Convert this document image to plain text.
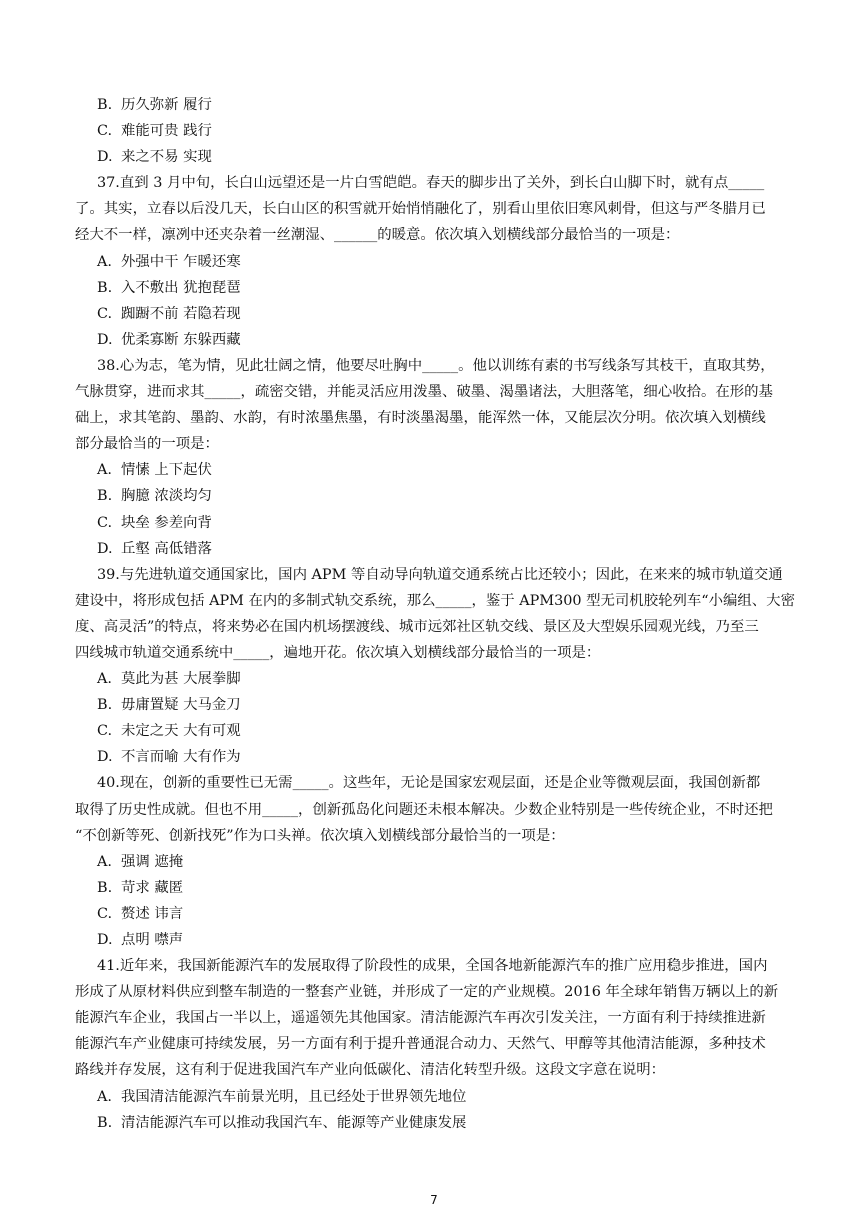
B. 历久弥新 履行
C. 难能可贵 践行
D. 来之不易 实现
37.直到 3 月中旬，长白山远望还是一片白雪皑皑。春天的脚步出了关外，到长白山脚下时，就有点_____
了。其实，立春以后没几天，长白山区的积雪就开始悄悄融化了，别看山里依旧寒风刺骨，但这与严冬腊月已
经大不一样，凛冽中还夹杂着一丝潮湿、______的暖意。依次填入划横线部分最恰当的一项是：
A. 外强中干 乍暖还寒
B. 入不敷出 犹抱琵琶
C. 踟蹰不前 若隐若现
D. 优柔寡断 东躲西藏
38.心为志，笔为情，见此壮阔之情，他要尽吐胸中_____。他以训练有素的书写线条写其枝干，直取其势，
气脉贯穿，进而求其_____，疏密交错，并能灵活应用泼墨、破墨、渴墨诸法，大胆落笔，细心收拾。在形的基
础上，求其笔韵、墨韵、水韵，有时浓墨焦墨，有时淡墨渴墨，能浑然一体，又能层次分明。依次填入划横线
部分最恰当的一项是：
A. 情愫 上下起伏
B. 胸臆 浓淡均匀
C. 块垒 参差向背
D. 丘壑 高低错落
39.与先进轨道交通国家比，国内 APM 等自动导向轨道交通系统占比还较小；因此，在来来的城市轨道交通
建设中，将形成包括 APM 在内的多制式轨交系统，那么_____，鉴于 APM300 型无司机胶轮列车“小编组、大密
度、高灵活”的特点，将来势必在国内机场摆渡线、城市远郊社区轨交线、景区及大型娱乐园观光线，乃至三
四线城市轨道交通系统中_____，遍地开花。依次填入划横线部分最恰当的一项是：
A. 莫此为甚 大展拳脚
B. 毋庸置疑 大马金刀
C. 未定之天 大有可观
D. 不言而喻 大有作为
40.现在，创新的重要性已无需_____。这些年，无论是国家宏观层面，还是企业等微观层面，我国创新都
取得了历史性成就。但也不用_____，创新孤岛化问题还未根本解决。少数企业特别是一些传统企业，不时还把
“不创新等死、创新找死”作为口头禅。依次填入划横线部分最恰当的一项是：
A. 强调 遮掩
B. 苛求 藏匿
C. 赘述 讳言
D. 点明 噤声
41.近年来，我国新能源汽车的发展取得了阶段性的成果，全国各地新能源汽车的推广应用稳步推进，国内
形成了从原材料供应到整车制造的一整套产业链，并形成了一定的产业规模。2016 年全球年销售万辆以上的新
能源汽车企业，我国占一半以上，遥遥领先其他国家。清洁能源汽车再次引发关注，一方面有利于持续推进新
能源汽车产业健康可持续发展，另一方面有利于提升普通混合动力、天然气、甲醇等其他清洁能源，多种技术
路线并存发展，这有利于促进我国汽车产业向低碳化、清洁化转型升级。这段文字意在说明：
A. 我国清洁能源汽车前景光明，且已经处于世界领先地位
B. 清洁能源汽车可以推动我国汽车、能源等产业健康发展
7
